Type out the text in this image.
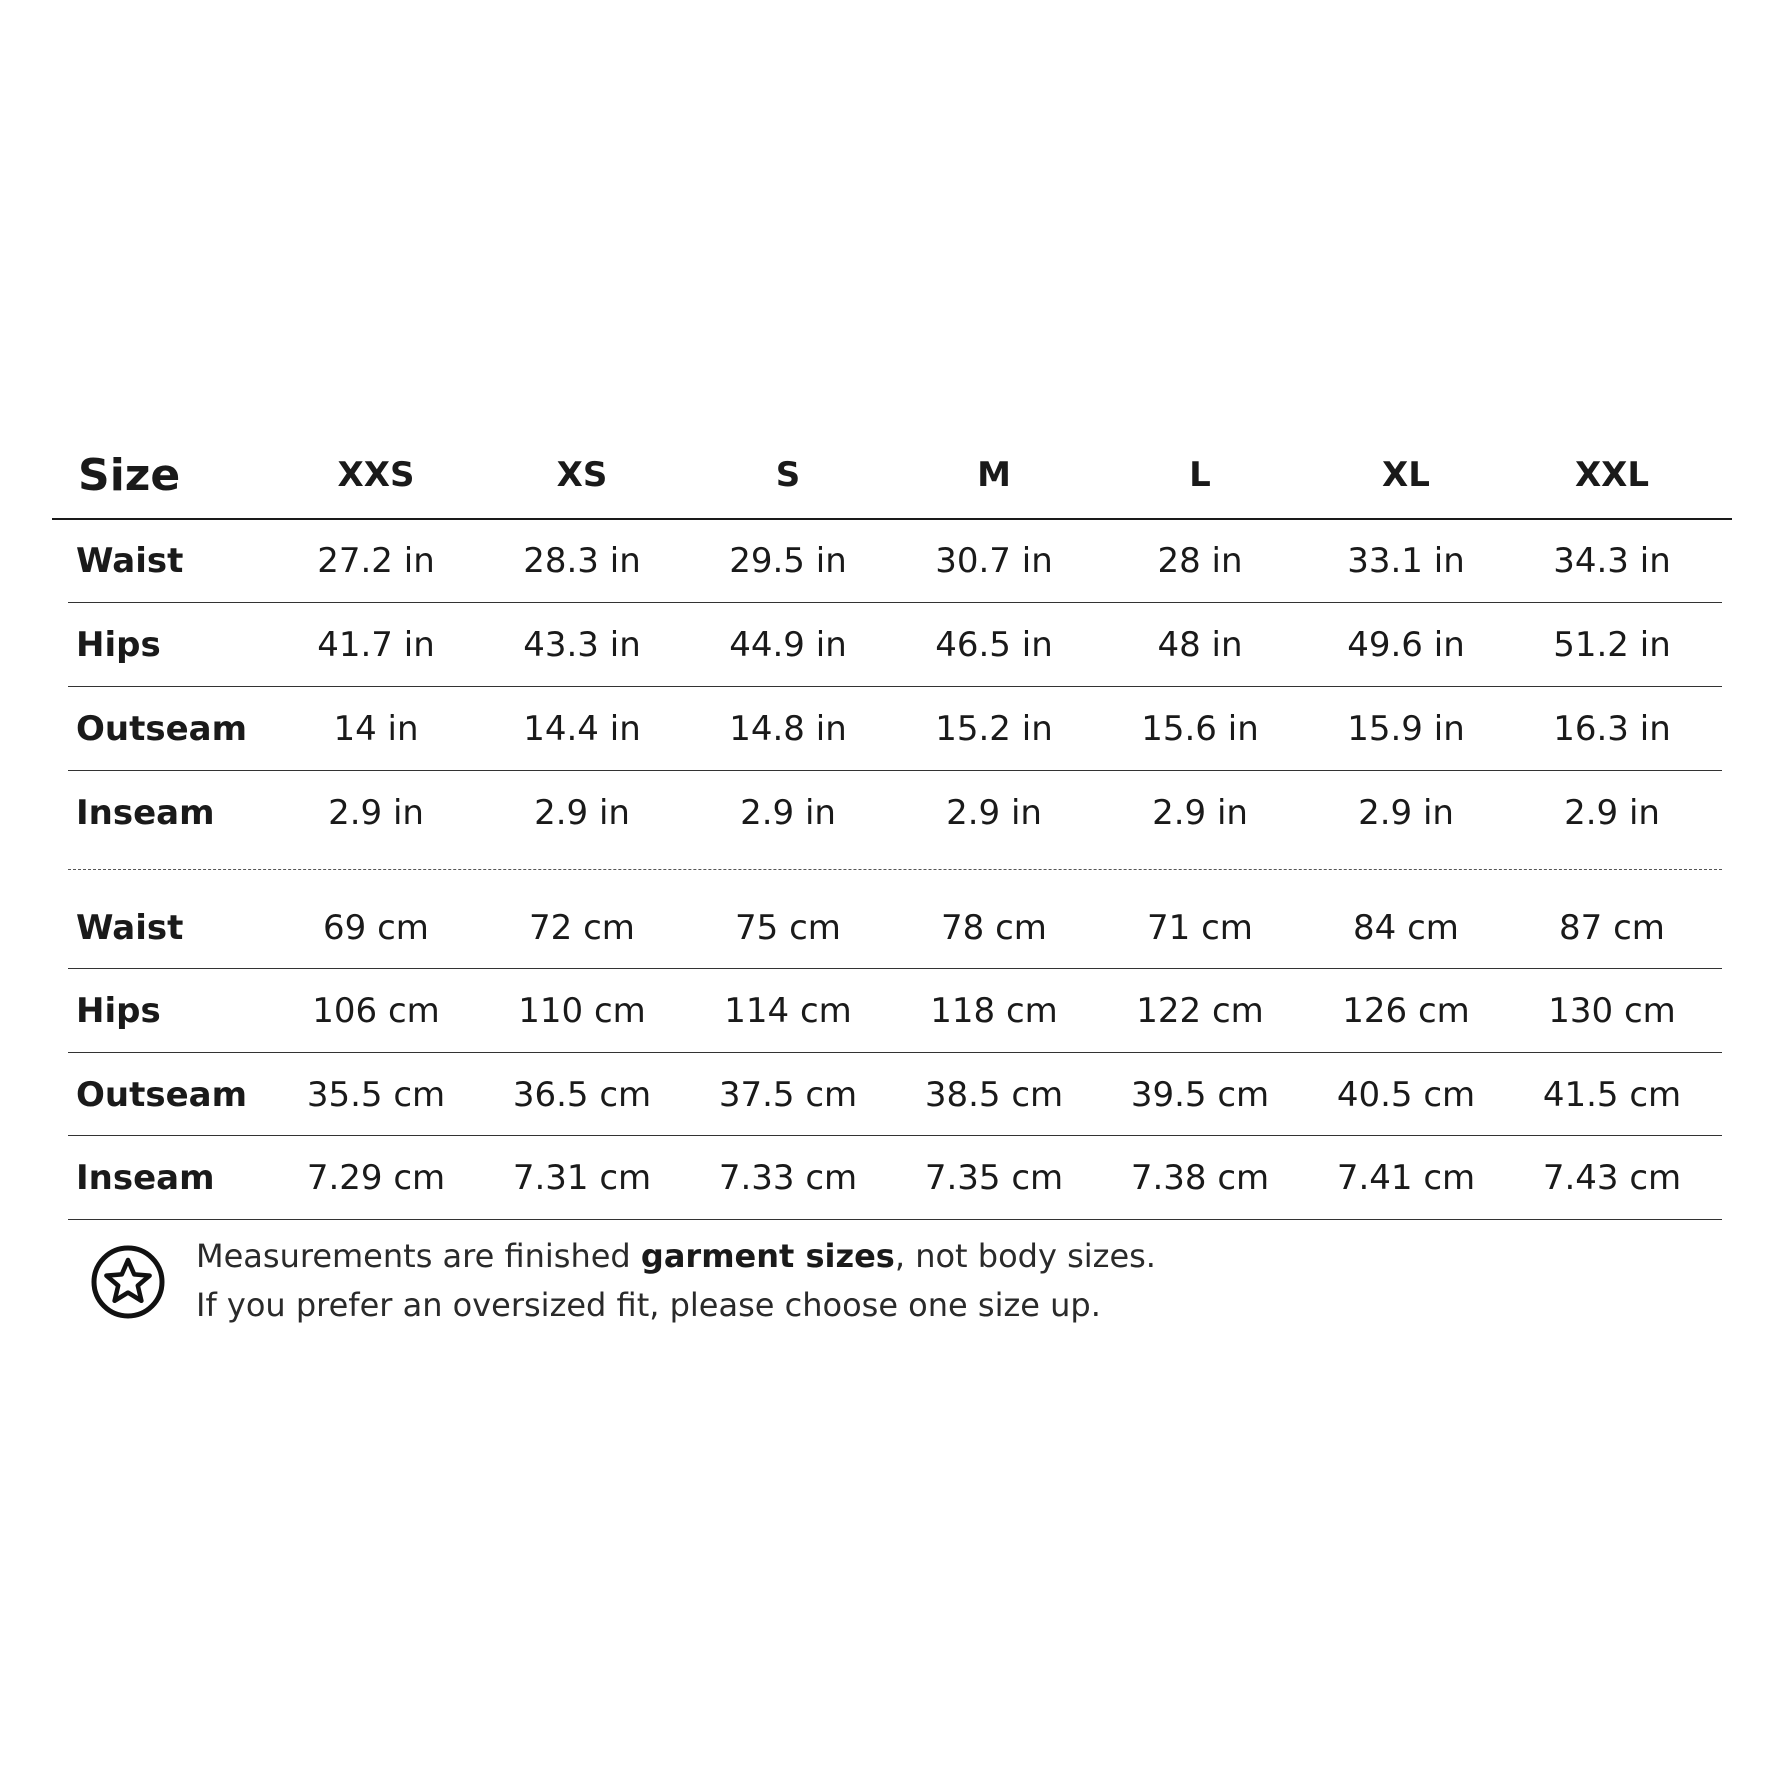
Size	XXS	XS	S	M	L	XL	XXL
Waist	27.2 in	28.3 in	29.5 in	30.7 in	28 in	33.1 in	34.3 in
Hips	41.7 in	43.3 in	44.9 in	46.5 in	48 in	49.6 in	51.2 in
Outseam	14 in	14.4 in	14.8 in	15.2 in	15.6 in	15.9 in	16.3 in
Inseam	2.9 in	2.9 in	2.9 in	2.9 in	2.9 in	2.9 in	2.9 in
Waist	69 cm	72 cm	75 cm	78 cm	71 cm	84 cm	87 cm
Hips	106 cm	110 cm	114 cm	118 cm	122 cm	126 cm	130 cm
Outseam	35.5 cm	36.5 cm	37.5 cm	38.5 cm	39.5 cm	40.5 cm	41.5 cm
Inseam	7.29 cm	7.31 cm	7.33 cm	7.35 cm	7.38 cm	7.41 cm	7.43 cm
Measurements are finished garment sizes, not body sizes.
If you prefer an oversized fit, please choose one size up.
